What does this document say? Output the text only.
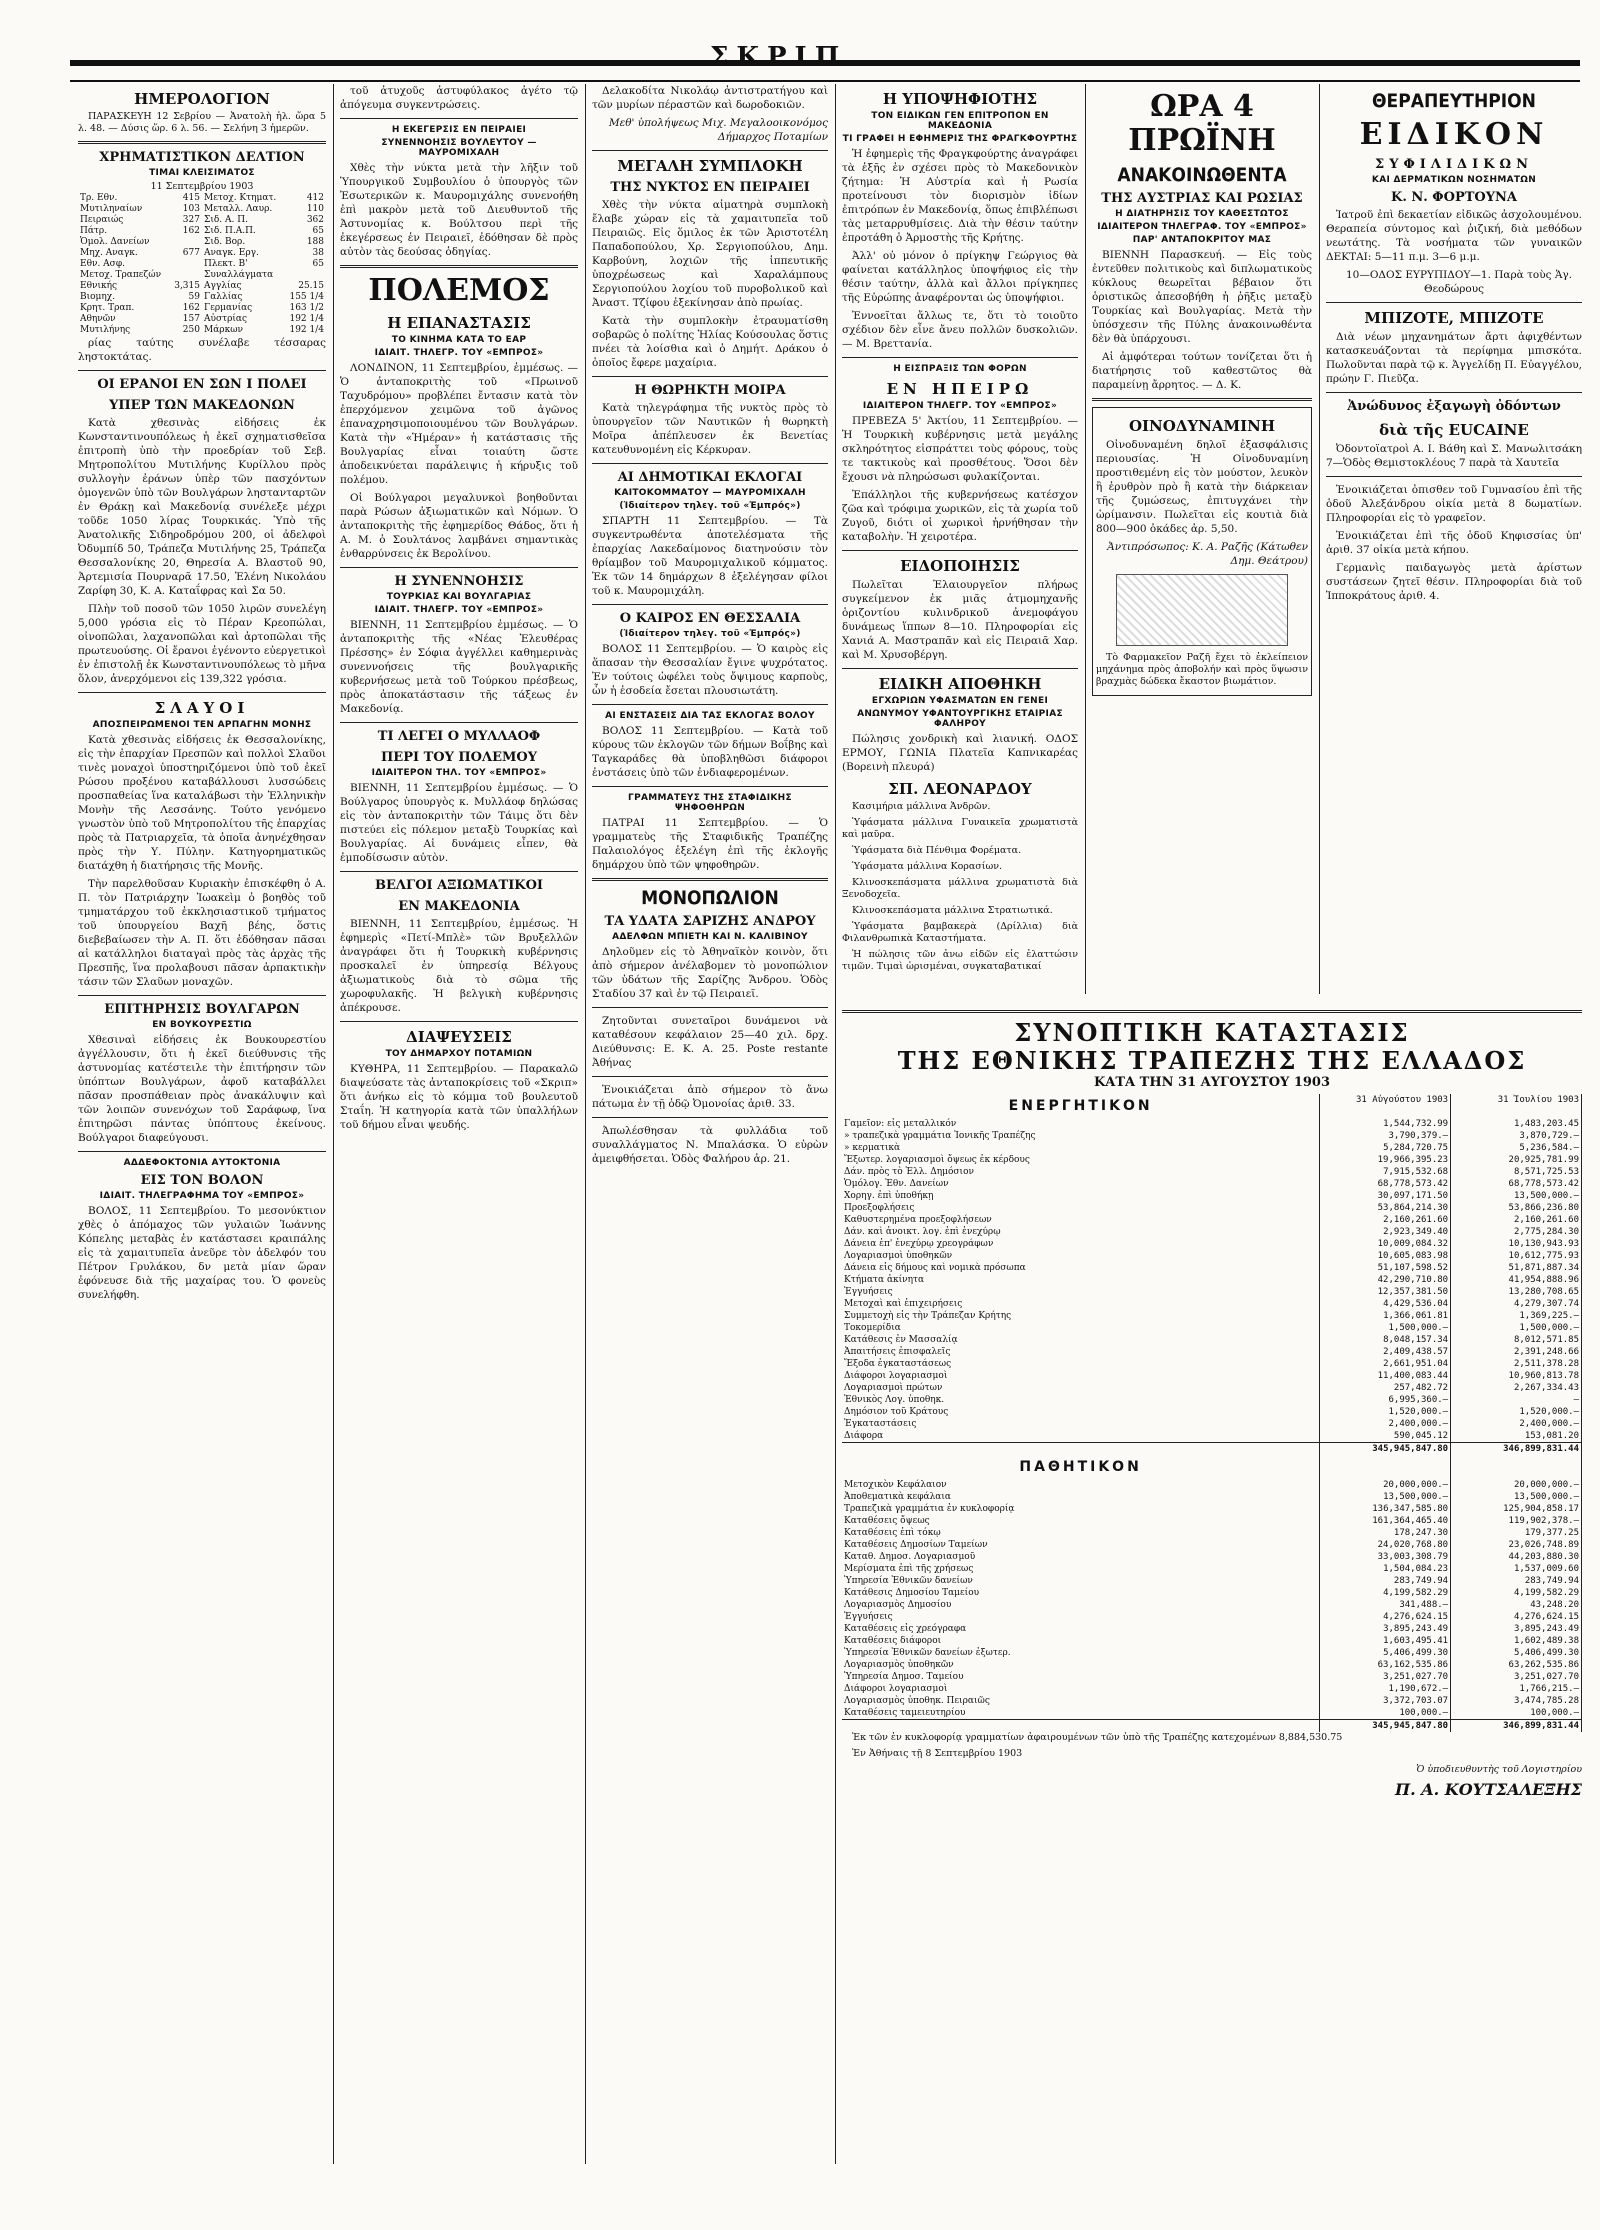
ΣΚΡΙΠ
ΗΜΕΡΟΛΟΓΙΟΝ

ΠΑΡΑΣΚΕΥΗ 12 Σεβρίου — Ἀνατολὴ ἡλ. ὥρα 5 λ. 48. — Δύσις ὥρ. 6 λ. 56. — Σελήνη 3 ἡμερῶν.

ΧΡΗΜΑΤΙΣΤΙΚΟΝ ΔΕΛΤΙΟΝ
ΤΙΜΑΙ ΚΛΕΙΣΙΜΑΤΟΣ
11 Σεπτεμβρίου 1903
Τρ. Εθν.	415	Μετοχ. Κτηματ.	412
Μυτιληναίων	103	Μεταλλ. Λαυρ.	110
Πειραιώς	327	Σιδ. Α. Π.	362
Πάτρ.	162	Σιδ. Π.Α.Π.	65
Ὁμολ. Δανείων		Σιδ. Βορ.	188
Μηχ. Αναγκ.	677	Αναγκ. Εργ.	38
Εθν. Ασφ.		Πλεκτ. Β'	65
Μετοχ. Τραπεζών		Συναλλάγματα	
Εθνικής	3,315	Αγγλίας	25.15
Βιομηχ.	59	Γαλλίας	155 1/4
Κρητ. Τραπ.	162	Γερμανίας	163 1/2
Αθηνῶν	157	Αὐστρίας	192 1/4
Μυτιλήνης	250	Μάρκων	192 1/4

ρίας ταύτης συνέλαβε τέσσαρας ληστοκτάτας.

ΟΙ ΕΡΑΝΟΙ ΕΝ ΣΩΝ Ι ΠΟΛΕΙ
ΥΠΕΡ ΤΩΝ ΜΑΚΕΔΟΝΩΝ

Κατὰ χθεσινὰς εἰδήσεις ἐκ Κωνσταντινουπόλεως ἡ ἐκεῖ σχηματισθεῖσα ἐπιτροπὴ ὑπὸ τὴν προεδρίαν τοῦ Σεβ. Μητροπολίτου Μυτιλήνης Κυρίλλου πρὸς συλλογὴν ἐράνων ὑπὲρ τῶν πασχόντων ὁμογενῶν ὑπὸ τῶν Βουλγάρων ληστανταρτῶν ἐν Θράκῃ καὶ Μακεδονίᾳ συνέλεξε μέχρι τοῦδε 1050 λίρας Τουρκικάς. Ὑπὸ τῆς Ἀνατολικῆς Σιδηροδρόμου 200, οἱ ἀδελφοὶ Ὀδυμπίδ 50, Τράπεζα Μυτιλήνης 25, Τράπεζα Θεσσαλονίκης 20, Θηρεσία Α. Βλαστοῦ 90, Ἀρτεμισία Πουρναρᾶ 17.50, Ἐλένη Νικολάου Ζαρίφη 30, Κ. Α. Καταΐφρας καὶ Σα 50.

Πλὴν τοῦ ποσοῦ τῶν 1050 λιρῶν συνελέγη 5,000 γρόσια εἰς τὸ Πέραν Κρεοπώλαι, οἰνοπῶλαι, λαχανοπῶλαι καὶ ἀρτοπῶλαι τῆς πρωτευούσης. Οἱ ἔρανοι ἐγένοντο εὐεργετικοὶ ἐν ἐπιστολῇ ἐκ Κωνσταντινουπόλεως τὸ μῆνα ὅλον, ἀνερχόμενοι εἰς 139,322 γρόσια.

ΣΛΑΥΟΙ
ΑΠΟΣΠΕΙΡΩΜΕΝΟΙ ΤΕΝ ΑΡΠΑΓΗΝ ΜΟΝΗΣ

Κατὰ χθεσινὰς εἰδήσεις ἐκ Θεσσαλονίκης, εἰς τὴν ἐπαρχίαν Πρεσπῶν καὶ πολλοὶ Σλαῦοι τινὲς μοναχοὶ ὑποστηριζόμενοι ὑπὸ τοῦ ἐκεῖ Ρώσου προξένου καταβάλλουσι λυσσώδεις προσπαθείας ἵνα καταλάβωσι τὴν Ἑλληνικὴν Μονὴν τῆς Λεσσάνης. Τούτο γενόμενο γνωστὸν ὑπὸ τοῦ Μητροπολίτου τῆς ἐπαρχίας πρὸς τὰ Πατριαρχεῖα, τὰ ὁποῖα ἀνηνέχθησαν πρὸς τὴν Υ. Πύλην. Κατηγορηματικῶς διατάχθη ἡ διατήρησις τῆς Μονῆς.

Τὴν παρελθοῦσαν Κυριακὴν ἐπισκέφθη ὁ Α. Π. τὸν Πατριάρχην Ἰωακεὶμ ὁ βοηθὸς τοῦ τμηματάρχου τοῦ ἐκκλησιαστικοῦ τμήματος τοῦ ὑπουργείου Βαχῆ βέης, ὅστις διεβεβαίωσεν τὴν Α. Π. ὅτι ἐδόθησαν πᾶσαι αἱ κατάλληλοι διαταγαὶ πρὸς τὰς ἀρχὰς τῆς Πρεσπῆς, ἵνα προλαβουσι πᾶσαν ἀρπακτικὴν τάσιν τῶν Σλαῦων μοναχῶν.

ΕΠΙΤΗΡΗΣΙΣ ΒΟΥΛΓΑΡΩΝ
ΕΝ ΒΟΥΚΟΥΡΕΣΤΙΩ

Χθεσιναὶ εἰδήσεις ἐκ Βουκουρεστίου ἀγγέλλουσιν, ὅτι ἡ ἐκεῖ διεύθυνσις τῆς ἀστυνομίας κατέστειλε τὴν ἐπιτήρησιν τῶν ὑπόπτων Βουλγάρων, ἀφοῦ καταβάλλει πᾶσαν προσπάθειαν πρὸς ἀνακάλυψιν καὶ τῶν λοιπῶν συνενόχων τοῦ Σαράφωφ, ἵνα ἐπιτηρῶσι πάντας ὑπόπτους ἐκείνους. Βούλγαροι διαφεύγουσι.

ΑΔΔΕΦΟΚΤΟΝΙΑ ΑΥΤΟΚΤΟΝΙΑ
ΕΙΣ ΤΟΝ ΒΟΛΟΝ
ΙΔΙΑΙΤ. ΤΗΛΕΓΡΑΦΗΜΑ ΤΟΥ «ΕΜΠΡΟΣ»

ΒΟΛΟΣ, 11 Σεπτεμβρίου. Το μεσονύκτιον χθὲς ὁ ἀπόμαχος τῶν γυλαιῶν Ἰωάννης Κόπελης μεταβὰς ἐν κατάστασει κραιπάλης εἰς τὰ χαμαιτυπεῖα ἀνεῦρε τὸν ἀδελφόν του Πέτρον Γρυλάκου, δν μετὰ μίαν ὥραν ἐφόνευσε διὰ τῆς μαχαίρας του. Ὁ φονεὺς συνελήφθη.

τοῦ ἀτυχοῦς ἀστυφύλακος ἀγέτο τῷ ἀπόγευμα συγκεντρώσεις.

Η ΕΚΕΓΕΡΣΙΣ ΕΝ ΠΕΙΡΑΙΕΙ
ΣΥΝΕΝΝΟΗΣΙΣ ΒΟΥΛΕΥΤΟΥ — ΜΑΥΡΟΜΙΧΑΛΗ

Χθὲς τὴν νύκτα μετὰ τὴν λῆξιν τοῦ Ὑπουργικοῦ Συμβουλίου ὁ ὑπουργὸς τῶν Ἐσωτερικῶν κ. Μαυρομιχάλης συνενοήθη ἐπὶ μακρὸν μετὰ τοῦ Διευθυντοῦ τῆς Ἀστυνομίας κ. Βούλτσου περὶ τῆς ἐκεγέρσεως ἐν Πειραιεῖ, ἐδόθησαν δὲ πρὸς αὐτὸν τὰς δεούσας ὁδηγίας.

ΠΟΛΕΜΟΣ
Η ΕΠΑΝΑΣΤΑΣΙΣ
ΤΟ ΚΙΝΗΜΑ ΚΑΤΑ ΤΟ ΕΑΡ
ΙΔΙΑΙΤ. ΤΗΛΕΓΡ. ΤΟΥ «ΕΜΠΡΟΣ»

ΛΟΝΔΙΝΟΝ, 11 Σεπτεμβρίου, ἐμμέσως. — Ὁ ἀνταποκριτὴς τοῦ «Πρωινοῦ Ταχυδρόμου» προβλέπει ἔντασιν κατὰ τὸν ἐπερχόμενον χειμῶνα τοῦ ἀγῶνος ἐπαναχρησιμοποιουμένου τῶν Βουλγάρων. Κατὰ τὴν «Ἡμέραν» ἡ κατάστασις τῆς Βουλγαρίας εἶναι τοιαύτη ὥστε ἀποδεικνύεται παράλειψις ἡ κήρυξις τοῦ πολέμου.

Οἱ Βούλγαροι μεγαλυνκοὶ βοηθοῦνται παρὰ Ρώσων ἀξιωματικῶν καὶ Νόμων. Ὁ ἀνταποκριτὴς τῆς ἐφημερίδος Θάδος, ὅτι ἡ Α. Μ. ὁ Σουλτάνος λαμβάνει σημαντικὰς ἐνθαρρύνσεις ἐκ Βερολίνου.

Η ΣΥΝΕΝΝΟΗΣΙΣ
ΤΟΥΡΚΙΑΣ ΚΑΙ ΒΟΥΛΓΑΡΙΑΣ
ΙΔΙΑΙΤ. ΤΗΛΕΓΡ. ΤΟΥ «ΕΜΠΡΟΣ»

ΒΙΕΝΝΗ, 11 Σεπτεμβρίου ἐμμέσως. — Ὁ ἀνταποκριτὴς τῆς «Νέας Ἐλευθέρας Πρέσσης» ἐν Σόφια ἀγγέλλει καθημερινὰς συνεννοήσεις τῆς βουλγαρικῆς κυβερνήσεως μετὰ τοῦ Τούρκου πρέσβεως, πρὸς ἀποκατάστασιν τῆς τάξεως ἐν Μακεδονίᾳ.

ΤΙ ΛΕΓΕΙ Ο ΜΥΛΛΑΟΦ
ΠΕΡΙ ΤΟΥ ΠΟΛΕΜΟΥ
ΙΔΙΑΙΤΕΡΟΝ ΤΗΛ. ΤΟΥ «ΕΜΠΡΟΣ»

ΒΙΕΝΝΗ, 11 Σεπτεμβρίου ἐμμέσως. — Ὁ Βούλγαρος ὑπουργὸς κ. Μυλλάοφ δηλώσας εἰς τὸν ἀνταποκριτὴν τῶν Τάιμς ὅτι δὲν πιστεύει εἰς πόλεμον μεταξὺ Τουρκίας καὶ Βουλγαρίας. Αἱ δυνάμεις εἶπεν, θὰ ἐμποδίσωσιν αὐτὸν.

ΒΕΛΓΟΙ ΑΞΙΩΜΑΤΙΚΟΙ
ΕΝ ΜΑΚΕΔΟΝΙΑ

ΒΙΕΝΝΗ, 11 Σεπτεμβρίου, ἐμμέσως. Ἡ ἐφημερὶς «Πετί-Μπλὲ» τῶν Βρυξελλῶν ἀναγράφει ὅτι ἡ Τουρκικὴ κυβέρνησις προσκαλεῖ ἐν ὑπηρεσίᾳ Βέλγους ἀξιωματικοὺς διὰ τὸ σῶμα τῆς χωροφυλακῆς. Ἡ βελγικὴ κυβέρνησις ἀπέκρουσε.

ΔΙΑΨΕΥΣΕΙΣ
ΤΟΥ ΔΗΜΑΡΧΟΥ ΠΟΤΑΜΙΩΝ

ΚΥΘΗΡΑ, 11 Σεπτεμβρίου. — Παρακαλῶ διαψεύσατε τὰς ἀνταποκρίσεις τοῦ «Σκριπ» ὅτι ἀνήκω εἰς τὸ κόμμα τοῦ βουλευτοῦ Σταΐη. Ἡ κατηγορία κατὰ τῶν ὑπαλλήλων τοῦ δήμου εἶναι ψευδής.

Δελακοδίτα Νικολάῳ ἀντιστρατήγου καὶ τῶν μυρίων πέραστῶν καὶ δωροδοκιῶν.

Μεθ' ὑπολήψεως Μιχ. Μεγαλοοικονόμος Δήμαρχος Ποταμίων

ΜΕΓΑΛΗ ΣΥΜΠΛΟΚΗ
ΤΗΣ ΝΥΚΤΟΣ ΕΝ ΠΕΙΡΑΙΕΙ

Χθὲς τὴν νύκτα αἱματηρὰ συμπλοκὴ ἔλαβε χώραν εἰς τὰ χαμαιτυπεῖα τοῦ Πειραιῶς. Εἰς ὅμιλος ἐκ τῶν Ἀριστοτέλη Παπαδοπούλου, Χρ. Σεργιοπούλου, Δημ. Καρβούνη, λοχιῶν τῆς ἱππευτικῆς ὑποχρέωσεως καὶ Χαραλάμπους Σεργιοπούλου λοχίου τοῦ πυροβολικοῦ καὶ Ἀναστ. Τζίφου ἐξεκίνησαν ἀπὸ πρωίας.

Κατὰ τὴν συμπλοκὴν ἐτραυματίσθη σοβαρῶς ὁ πολίτης Ἠλίας Κούσουλας ὅστις πνέει τὰ λοίσθια καὶ ὁ Δημήτ. Δράκου ὁ ὁποῖος ἔφερε μαχαίρια.

Η ΘΩΡΗΚΤΗ ΜΟΙΡΑ

Κατὰ τηλεγράφημα τῆς νυκτὸς πρὸς τὸ ὑπουργεῖον τῶν Ναυτικῶν ἡ θωρηκτὴ Μοῖρα ἀπέπλευσεν ἐκ Βενετίας κατευθυνομένη εἰς Κέρκυραν.

ΑΙ ΔΗΜΟΤΙΚΑΙ ΕΚΛΟΓΑΙ
ΚΑΙΤΟΚΟΜΜΑΤΟΥ — ΜΑΥΡΟΜΙΧΑΛΗ
(Ἰδιαίτερον τηλεγ. τοῦ «Ἐμπρός»)

ΣΠΑΡΤΗ 11 Σεπτεμβρίου. — Τὰ συγκεντρωθέντα ἀποτελέσματα τῆς ἐπαρχίας Λακεδαίμονος διατηνούσιν τὸν θρίαμβον τοῦ Μαυρομιχαλικοῦ κόμματος. Ἐκ τῶν 14 δημάρχων 8 ἐξελέγησαν φίλοι τοῦ κ. Μαυρομιχάλη.

Ο ΚΑΙΡΟΣ ΕΝ ΘΕΣΣΑΛΙΑ
(Ἰδιαίτερον τηλεγ. τοῦ «Ἐμπρός»)

ΒΟΛΟΣ 11 Σεπτεμβρίου. — Ὁ καιρὸς εἰς ἅπασαν τὴν Θεσσαλίαν ἔγινε ψυχρότατος. Ἐν τούτοις ὠφέλει τοὺς ὄψιμους καρποὺς, ὧν ἡ ἐσοδεία ἔσεται πλουσιωτάτη.

ΑΙ ΕΝΣΤΑΣΕΙΣ ΔΙΑ ΤΑΣ ΕΚΛΟΓΑΣ ΒΟΛΟΥ

ΒΟΛΟΣ 11 Σεπτεμβρίου. — Κατὰ τοῦ κύρους τῶν ἐκλογῶν τῶν δήμων Βοΐβης καὶ Ταγκαράδες θὰ ὑποβληθῶσι διάφοροι ἐνστάσεις ὑπὸ τῶν ἐνδιαφερομένων.

ΓΡΑΜΜΑΤΕΥΣ ΤΗΣ ΣΤΑΦΙΔΙΚΗΣ ΨΗΦΟΘΗΡΩΝ

ΠΑΤΡΑΙ 11 Σεπτεμβρίου. — Ὁ γραμματεὺς τῆς Σταφιδικῆς Τραπέζης Παλαιολόγος ἐξελέγη ἐπὶ τῆς ἐκλογῆς δημάρχου ὑπὸ τῶν ψηφοθηρῶν.

ΜΟΝΟΠΩΛΙΟΝ
ΤΑ ΥΔΑΤΑ ΣΑΡΙΖΗΣ ΑΝΔΡΟΥ
ΑΔΕΛΦΩΝ ΜΠΙΕΤΗ ΚΑΙ Ν. ΚΑΛΙΒΙΝΟΥ

Δηλοῦμεν εἰς τὸ Ἀθηναϊκὸν κοινὸν, ὅτι ἀπὸ σήμερον ἀνέλαβομεν τὸ μονοπώλιον τῶν ὑδάτων τῆς Σαρίζης Ἄνδρου. Ὁδὸς Σταδίου 37 καὶ ἐν τῷ Πειραιεῖ.

Ζητοῦνται συνεταῖροι δυνάμενοι νὰ καταθέσουν κεφάλαιον 25—40 χιλ. δρχ. Διεύθυνσις: Ε. Κ. Α. 25. Poste restante Ἀθήνας

Ἐνοικιάζεται ἀπὸ σήμερον τὸ ἄνω πάτωμα ἐν τῇ ὁδῷ Ὀμονοίας ἀριθ. 33.

Ἀπωλέσθησαν τὰ φυλλάδια τοῦ συναλλάγματος Ν. Μπαλάσκα. Ὁ εὑρὼν ἀμειφθήσεται. Ὁδὸς Φαλήρου ἀρ. 21.

Η ΥΠΟΨΗΦΙΟΤΗΣ
ΤΟΝ ΕΙΔΙΚΩΝ ΓΕΝ ΕΠΙΤΡΟΠΟΝ ΕΝ ΜΑΚΕΔΟΝΙΑ
ΤΙ ΓΡΑΦΕΙ Η ΕΦΗΜΕΡΙΣ ΤΗΣ ΦΡΑΓΚΦΟΥΡΤΗΣ

Ἡ ἐφημερὶς τῆς Φραγκφούρτης ἀναγράφει τὰ ἑξῆς ἐν σχέσει πρὸς τὸ Μακεδονικὸν ζήτημα: Ἡ Αὐστρία καὶ ἡ Ρωσία προτείνουσι τὸν διορισμὸν ἰδίων ἐπιτρόπων ἐν Μακεδονίᾳ, ὅπως ἐπιβλέπωσι τὰς μεταρρυθμίσεις. Διὰ τὴν θέσιν ταύτην ἐπροτάθη ὁ Ἀρμοστὴς τῆς Κρήτης.

Ἀλλ' οὐ μόνον ὁ πρίγκηψ Γεώργιος θὰ φαίνεται κατάλληλος ὑποψήφιος εἰς τὴν θέσιν ταύτην, ἀλλὰ καὶ ἄλλοι πρίγκηπες τῆς Εὐρώπης ἀναφέρονται ὡς ὑποψήφιοι.

Ἐννοεῖται ἄλλως τε, ὅτι τὸ τοιοῦτο σχέδιον δὲν εἶνε ἄνευ πολλῶν δυσκολιῶν. — Μ. Βρεττανία.

Η ΕΙΣΠΡΑΞΙΣ ΤΩΝ ΦΟΡΩΝ
ΕΝ ΗΠΕΙΡΩ
ΙΔΙΑΙΤΕΡΟΝ ΤΗΛΕΓΡ. ΤΟΥ «ΕΜΠΡΟΣ»

ΠΡΕΒΕΖΑ 5' Ἀκτίου, 11 Σεπτεμβρίου. — Ἡ Τουρκικὴ κυβέρνησις μετὰ μεγάλης σκληρότητος εἰσπράττει τοὺς φόρους, τοὺς τε τακτικοὺς καὶ προσθέτους. Ὅσοι δὲν ἔχουσι νὰ πληρώσωσι φυλακίζονται.

Ἐπάλληλοι τῆς κυβερνήσεως κατέσχον ζῶα καὶ τρόφιμα χωρικῶν, εἰς τὰ χωρία τοῦ Ζυγοῦ, διότι οἱ χωρικοὶ ἠρνήθησαν τὴν καταβολὴν. Ἡ χειροτέρα.

ΕΙΔΟΠΟΙΗΣΙΣ

Πωλεῖται Ἐλαιουργεῖον πλήρως συγκείμενον ἐκ μιᾶς ἀτμομηχανῆς ὁριζοντίου κυλινδρικοῦ ἀνεμοφάγου δυνάμεως ἵππων 8—10. Πληροφορίαι εἰς Χανιά Α. Μαστραπᾶν καὶ εἰς Πειραιᾶ Χαρ. καὶ Μ. Χρυσοβέργη.

ΕΙΔΙΚΗ ΑΠΟΘΗΚΗ
ΕΓΧΩΡΙΩΝ ΥΦΑΣΜΑΤΩΝ ΕΝ ΓΕΝΕΙ
ΑΝΩΝΥΜΟΥ ΥΦΑΝΤΟΥΡΓΙΚΗΣ ΕΤΑΙΡΙΑΣ ΦΑΛΗΡΟΥ

Πώλησις χονδρικὴ καὶ λιανική. ΟΔΟΣ ΕΡΜΟΥ, ΓΩΝΙΑ Πλατεῖα Καπνικαρέας (Βορεινὴ πλευρά)

ΣΠ. ΛΕΟΝΑΡΔΟΥ

Κασιμήρια μάλλινα Ἀνδρῶν.

Ὑφάσματα μάλλινα Γυναικεῖα χρωματιστὰ καὶ μαῦρα.

Ὑφάσματα διὰ Πένθιμα Φορέματα.

Ὑφάσματα μάλλινα Κορασίων.

Κλινοσκεπάσματα μάλλινα χρωματιστὰ διὰ Ξενοδοχεῖα.

Κλινοσκεπάσματα μάλλινα Στρατιωτικά.

Ὑφάσματα βαμβακερὰ (Δρίλλια) διὰ Φιλανθρωπικὰ Καταστήματα.

Ἡ πώλησις τῶν ἀνω εἰδῶν εἰς ἐλαττώσιν τιμῶν. Τιμαὶ ὡρισμέναι, συγκαταβατικαί

ΩΡΑ 4 ΠΡΩΪΝΗ
ΑΝΑΚΟΙΝΩΘΕΝΤΑ
ΤΗΣ ΑΥΣΤΡΙΑΣ ΚΑΙ ΡΩΣΙΑΣ
Η ΔΙΑΤΗΡΗΣΙΣ ΤΟΥ ΚΑΘΕΣΤΩΤΟΣ
ΙΔΙΑΙΤΕΡΟΝ ΤΗΛΕΓΡΑΦ. ΤΟΥ «ΕΜΠΡΟΣ»
ΠΑΡ' ΑΝΤΑΠΟΚΡΙΤΟΥ ΜΑΣ

ΒΙΕΝΝΗ Παρασκευή. — Εἰς τοὺς ἐντεῦθεν πολιτικοὺς καὶ διπλωματικοὺς κύκλους θεωρεῖται βέβαιον ὅτι ὁριστικῶς ἀπεσοβήθη ἡ ῥῆξις μεταξὺ Τουρκίας καὶ Βουλγαρίας. Μετὰ τὴν ὑπόσχεσιν τῆς Πύλης ἀνακοινωθέντα δὲν θὰ ὑπάρχουσι.

Αἱ ἀμφότεραι τούτων τονίζεται ὅτι ἡ διατήρησις τοῦ καθεστῶτος θὰ παραμείνῃ ἄρρητος. — Δ. Κ.

ΟΙΝΟΔΥΝΑΜΙΝΗ

Οἰνοδυναμένη δηλοῖ ἐξασφάλισις περιουσίας. Ἡ Οἰνοδυναμίνη προστιθεμένη εἰς τὸν μούστον, λευκὸν ἢ ἐρυθρὸν πρὸ ἢ κατὰ τὴν διάρκειαν τῆς ζυμώσεως, ἐπιτυγχάνει τὴν ὡρίμανσιν. Πωλεῖται εἰς κουτιὰ διὰ 800—900 ὀκάδες ἀρ. 5,50.

Ἀντιπρόσωπος: Κ. Α. Ραζῆς (Κάτωθεν Δημ. Θεάτρου)

Τὸ Φαρμακεῖον Ραζῆ ἔχει τὸ ἐκλείπειον μηχάνημα πρὸς ἀποβολήν καὶ πρὸς ὕψωσιν βραχμὰς δώδεκα ἔκαστον βιωμάτιον.

ΘΕΡΑΠΕΥΤΗΡΙΟΝ
ΕΙΔΙΚΟΝ
ΣΥΦΙΛΙΔΙΚΩΝ
ΚΑΙ ΔΕΡΜΑΤΙΚΩΝ ΝΟΣΗΜΑΤΩΝ
Κ. Ν. ΦΟΡΤΟΥΝΑ

Ἰατροῦ ἐπὶ δεκαετίαν εἰδικῶς ἀσχολουμένου. Θεραπεία σύντομος καὶ ῥιζική, διὰ μεθόδων νεωτάτης. Τὰ νοσήματα τῶν γυναικῶν ΔΕΚΤΑΙ: 5—11 π.μ. 3—6 μ.μ.

10—ΟΔΟΣ ΕΥΡΥΠΙΔΟΥ—1. Παρὰ τοὺς Ἁγ. Θεοδώρους

ΜΠΙΖΟΤΕ, ΜΠΙΖΟΤΕ

Διὰ νέων μηχανημάτων ἄρτι ἀφιχθέντων κατασκευάζονται τὰ περίφημα μπισκότα. Πωλοῦνται παρὰ τῷ κ. Ἀγγελίδῃ Π. Εὐαγγέλου, πρώην Γ. Πιεῦζα.

Ἀνώδυνος ἐξαγωγὴ ὀδόντων
διὰ τῆς EUCAINE

Ὀδοντοϊατροὶ Α. Ι. Βάθη καὶ Σ. Μανωλιτσάκη 7—Ὁδὸς Θεμιστοκλέους 7 παρὰ τὰ Χαυτεῖα

Ἐνοικιάζεται ὁπισθεν τοῦ Γυμνασίου ἐπὶ τῆς ὁδοῦ Ἀλεξάνδρου οἰκία μετὰ 8 δωματίων. Πληροφορίαι εἰς τὸ γραφεῖον.

Ἐνοικιάζεται ἐπὶ τῆς ὁδοῦ Κηφισσίας ὑπ' ἀριθ. 37 οἰκία μετὰ κήπου.

Γερμανὶς παιδαγωγὸς μετὰ ἀρίστων συστάσεων ζητεῖ θέσιν. Πληροφορίαι διὰ τοῦ Ἱπποκράτους ἀριθ. 4.

ΣΥΝΟΠΤΙΚΗ ΚΑΤΑΣΤΑΣΙΣ
ΤΗΣ ΕΘΝΙΚΗΣ ΤΡΑΠΕΖΗΣ ΤΗΣ ΕΛΛΑΔΟΣ
ΚΑΤΑ ΤΗΝ 31 ΑΥΓΟΥΣΤΟΥ 1903
ΕΝΕΡΓΗΤΙΚΟΝ	31 Αὐγούστου 1903	31 Ἰουλίου 1903
Γαμεῖον: εἰς μεταλλικόν	1,544,732.99	1,483,203.45
» τραπεζικὰ γραμμάτια Ἰονικῆς Τραπέζης	3,790,379.—	3,870,729.—
» κερματικὰ	5,284,720.75	5,236,584.—
Ἔξωτερ. λογαριασμοὶ ὄψεως ἐκ κέρδους	19,966,395.23	20,925,781.99
Δάν. πρὸς τὸ Ἑλλ. Δημόσιον	7,915,532.68	8,571,725.53
Ὁμόλογ. Ἐθν. Δανείων	68,778,573.42	68,778,573.42
Χορηγ. ἐπὶ ὑποθήκῃ	30,097,171.50	13,500,000.—
Προεξοφλήσεις	53,864,214.30	53,866,236.80
Καθυστερημένα προεξοφλήσεων	2,160,261.60	2,160,261.60
Δάν. καὶ ἀνοικτ. λογ. ἐπὶ ἐνεχύρῳ	2,923,349.40	2,775,284.30
Δάνεια ἐπ' ἐνεχύρῳ χρεογράφων	10,009,084.32	10,130,943.93
Λογαριασμοὶ ὑποθηκῶν	10,605,083.98	10,612,775.93
Δάνεια εἰς δήμους καὶ νομικὰ πρόσωπα	51,107,598.52	51,871,887.34
Κτήματα ἀκίνητα	42,290,710.80	41,954,888.96
Ἐγγυήσεις	12,357,381.50	13,280,708.65
Μετοχαὶ καὶ ἐπιχειρήσεις	4,429,536.04	4,279,307.74
Συμμετοχὴ εἰς τὴν Τράπεζαν Κρήτης	1,366,061.81	1,369,225.—
Τοκομερίδια	1,500,000.—	1,500,000.—
Κατάθεσις ἐν Μασσαλίᾳ	8,048,157.34	8,012,571.85
Ἀπαιτήσεις ἐπισφαλεῖς	2,409,438.57	2,391,248.66
Ἔξοδα ἐγκαταστάσεως	2,661,951.04	2,511,378.28
Διάφοροι λογαριασμοὶ	11,400,083.44	10,960,813.78
Λογαριασμοὶ πρώτων	257,482.72	2,267,334.43
Ἐθνικὸς Λογ. ὑποθηκ.	6,995,360.—	—
Δημόσιον τοῦ Κράτους	1,520,000.—	1,520,000.—
Ἐγκαταστάσεις	2,400,000.—	2,400,000.—
Διάφορα	590,045.12	153,081.20
	345,945,847.80	346,899,831.44
ΠΑΘΗΤΙΚΟΝ		

Μετοχικὸν Κεφάλαιον	20,000,000.—	20,000,000.—
Ἀποθεματικὰ κεφάλαια	13,500,000.—	13,500,000.—
Τραπεζικὰ γραμμάτια ἐν κυκλοφορίᾳ	136,347,585.80	125,904,858.17
Καταθέσεις ὄψεως	161,364,465.40	119,902,378.—
Καταθέσεις ἐπὶ τόκῳ	178,247.30	179,377.25
Καταθέσεις Δημοσίων Ταμείων	24,020,768.80	23,026,748.89
Καταθ. Δημοσ. Λογαριασμοῦ	33,003,308.79	44,203,880.30
Μερίσματα ἐπὶ τῆς χρήσεως	1,504,084.23	1,537,009.60
Ὑπηρεσία Ἐθνικῶν δανείων	283,749.94	283,749.94
Κατάθεσις Δημοσίου Ταμείου	4,199,582.29	4,199,582.29
Λογαριασμὸς Δημοσίου	341,488.—	43,248.20
Ἐγγυήσεις	4,276,624.15	4,276,624.15
Καταθέσεις εἰς χρεόγραφα	3,895,243.49	3,895,243.49
Καταθέσεις διάφοροι	1,603,495.41	1,602,489.38
Ὑπηρεσία Ἐθνικῶν δανείων ἐξωτερ.	5,406,499.30	5,406,499.30
Λογαριασμὸς ὑποθηκῶν	63,162,535.86	63,262,535.86
Ὑπηρεσία Δημοσ. Ταμείου	3,251,027.70	3,251,027.70
Διάφοροι λογαριασμοὶ	1,190,672.—	1,766,215.—
Λογαριασμὸς ὑποθηκ. Πειραιῶς	3,372,703.07	3,474,785.28
Καταθέσεις ταμειευτηρίου	100,000.—	100,000.—
	345,945,847.80	346,899,831.44

Ἐκ τῶν ἐν κυκλοφορίᾳ γραμματίων ἀφαιρουμένων τῶν ὑπὸ τῆς Τραπέζης κατεχομένων 8,884,530.75

Ἐν Ἀθήναις τῇ 8 Σεπτεμβρίου 1903

Ὁ ὑποδιευθυντὴς τοῦ Λογιστηρίου

Π. Α. ΚΟΥΤΣΑΛΕΞΗΣ
